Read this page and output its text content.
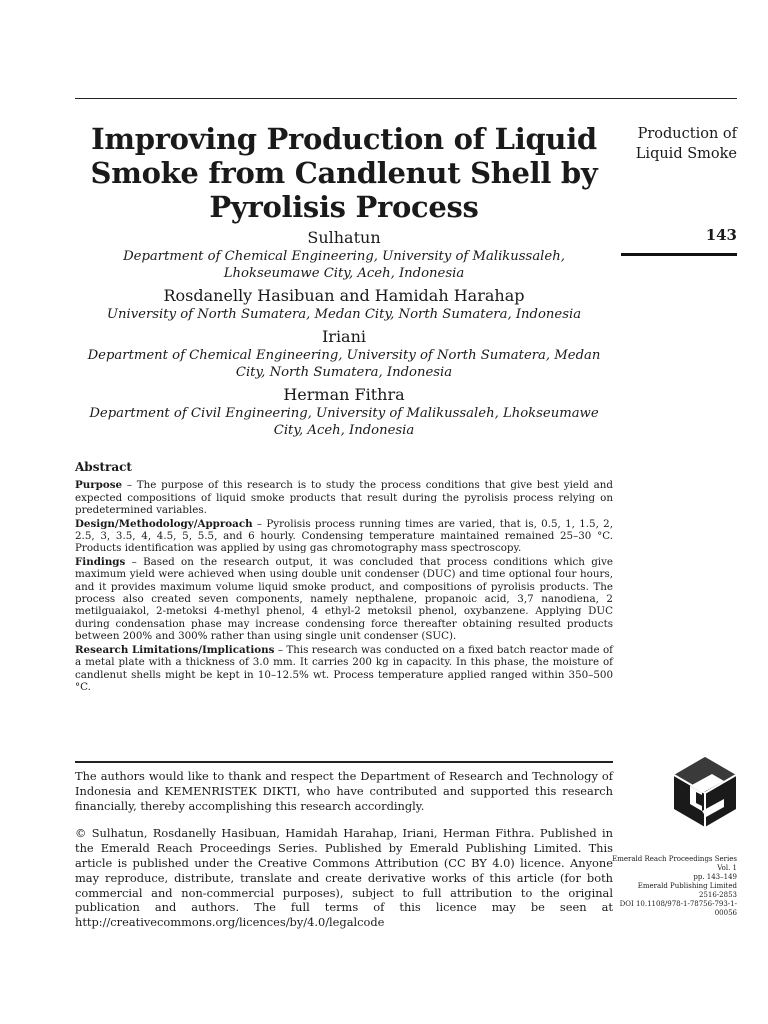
Improving Production of Liquid Smoke from Candlenut Shell by Pyrolisis Process
Sulhatun
Department of Chemical Engineering, University of Malikussaleh, Lhokseumawe City, Aceh, Indonesia
Rosdanelly Hasibuan and Hamidah Harahap
University of North Sumatera, Medan City, North Sumatera, Indonesia
Iriani
Department of Chemical Engineering, University of North Sumatera, Medan City, North Sumatera, Indonesia
Herman Fithra
Department of Civil Engineering, University of Malikussaleh, Lhokseumawe City, Aceh, Indonesia
Abstract
Purpose – The purpose of this research is to study the process conditions that give best yield and expected compositions of liquid smoke products that result during the pyrolisis process relying on predetermined variables.
Design/Methodology/Approach – Pyrolisis process running times are varied, that is, 0.5, 1, 1.5, 2, 2.5, 3, 3.5, 4, 4.5, 5, 5.5, and 6 hourly. Condensing temperature maintained remained 25–30 °C. Products identification was applied by using gas chromotography mass spectroscopy.
Findings – Based on the research output, it was concluded that process conditions which give maximum yield were achieved when using double unit condenser (DUC) and time optional four hours, and it provides maximum volume liquid smoke product, and compositions of pyrolisis products. The process also created seven components, namely nepthalene, propanoic acid, 3,7 nanodiena, 2 metilguaiakol, 2-metoksi 4-methyl phenol, 4 ethyl-2 metoksil phenol, oxybanzene. Applying DUC during condensation phase may increase condensing force thereafter obtaining resulted products between 200% and 300% rather than using single unit condenser (SUC).
Research Limitations/Implications – This research was conducted on a fixed batch reactor made of a metal plate with a thickness of 3.0 mm. It carries 200 kg in capacity. In this phase, the moisture of candlenut shells might be kept in 10–12.5% wt. Process temperature applied ranged within 350–500 °C.

The authors would like to thank and respect the Department of Research and Technology of Indonesia and KEMENRISTEK DIKTI, who have contributed and supported this research financially, thereby accomplishing this research accordingly.

© Sulhatun, Rosdanelly Hasibuan, Hamidah Harahap, Iriani, Herman Fithra. Published in the Emerald Reach Proceedings Series. Published by Emerald Publishing Limited. This article is published under the Creative Commons Attribution (CC BY 4.0) licence. Anyone may reproduce, distribute, translate and create derivative works of this article (for both commercial and non-commercial purposes), subject to full attribution to the original publication and authors. The full terms of this licence may be seen at http://creativecommons.org/licences/by/4.0/legalcode

Production of
Liquid Smoke
143
Emerald Reach Proceedings Series
Vol. 1
pp. 143–149
Emerald Publishing Limited
2516-2853
DOI 10.1108/978-1-78756-793-1-00056
